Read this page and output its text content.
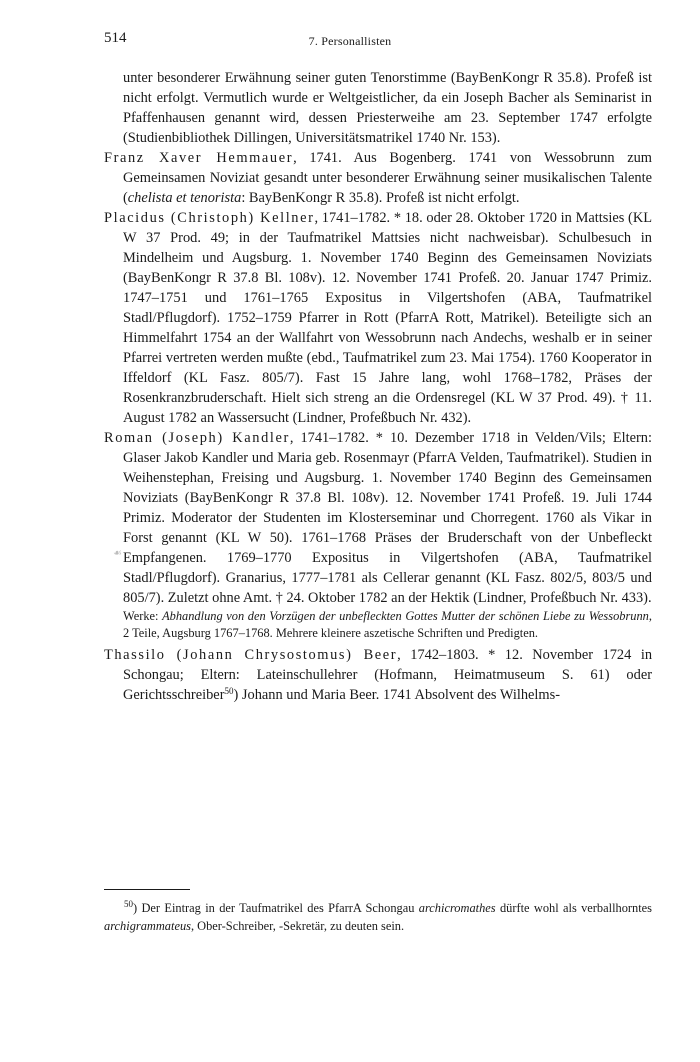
514	7. Personallisten

unter besonderer Erwähnung seiner guten Tenorstimme (BayBenKongr R 35.8). Profeß ist nicht erfolgt. Vermutlich wurde er Weltgeistlicher, da ein Joseph Bacher als Seminarist in Pfaffenhausen genannt wird, dessen Priesterweihe am 23. September 1747 erfolgte (Studienbibliothek Dillingen, Universitätsmatrikel 1740 Nr. 153).

Franz Xaver Hemmauer, 1741. Aus Bogenberg. 1741 von Wessobrunn zum Gemeinsamen Noviziat gesandt unter besonderer Erwähnung seiner musikalischen Talente (chelista et tenorista: BayBenKongr R 35.8). Profeß ist nicht erfolgt.

Placidus (Christoph) Kellner, 1741–1782. * 18. oder 28. Oktober 1720 in Mattsies (KL W 37 Prod. 49; in der Taufmatrikel Mattsies nicht nachweisbar). Schulbesuch in Mindelheim und Augsburg. 1. November 1740 Beginn des Gemeinsamen Noviziats (BayBenKongr R 37.8 Bl. 108v). 12. November 1741 Profeß. 20. Januar 1747 Primiz. 1747–1751 und 1761–1765 Expositus in Vilgertshofen (ABA, Taufmatrikel Stadl/Pflugdorf). 1752–1759 Pfarrer in Rott (PfarrA Rott, Matrikel). Beteiligte sich an Himmelfahrt 1754 an der Wallfahrt von Wessobrunn nach Andechs, weshalb er in seiner Pfarrei vertreten werden mußte (ebd., Taufmatrikel zum 23. Mai 1754). 1760 Kooperator in Iffeldorf (KL Fasz. 805/7). Fast 15 Jahre lang, wohl 1768–1782, Präses der Rosenkranzbruderschaft. Hielt sich streng an die Ordensregel (KL W 37 Prod. 49). † 11. August 1782 an Wassersucht (Lindner, Profeßbuch Nr. 432).

Roman (Joseph) Kandler, 1741–1782. * 10. Dezember 1718 in Velden/Vils; Eltern: Glaser Jakob Kandler und Maria geb. Rosenmayr (PfarrA Velden, Taufmatrikel). Studien in Weihenstephan, Freising und Augsburg. 1. November 1740 Beginn des Gemeinsamen Noviziats (BayBenKongr R 37.8 Bl. 108v). 12. November 1741 Profeß. 19. Juli 1744 Primiz. Moderator der Studenten im Klosterseminar und Chorregent. 1760 als Vikar in Forst genannt (KL W 50). 1761–1768 Präses der Bruderschaft von der Unbefleckt Empfangenen. 1769–1770 Expositus in Vilgertshofen (ABA, Taufmatrikel Stadl/Pflugdorf). Granarius, 1777–1781 als Cellerar genannt (KL Fasz. 802/5, 803/5 und 805/7). Zuletzt ohne Amt. † 24. Oktober 1782 an der Hektik (Lindner, Profeßbuch Nr. 433).

Werke: Abhandlung von den Vorzügen der unbefleckten Gottes Mutter der schönen Liebe zu Wessobrunn, 2 Teile, Augsburg 1767–1768. Mehrere kleinere aszetische Schriften und Predigten.

Thassilo (Johann Chrysostomus) Beer, 1742–1803. * 12. November 1724 in Schongau; Eltern: Lateinschullehrer (Hofmann, Heimatmuseum S. 61) oder Gerichtsschreiber$^{50}$) Johann und Maria Beer. 1741 Absolvent des Wilhelms-

☙

$^{50}$) Der Eintrag in der Taufmatrikel des PfarrA Schongau archicromathes dürfte wohl als verballhorntes archigrammateus, Ober-Schreiber, -Sekretär, zu deuten sein.
